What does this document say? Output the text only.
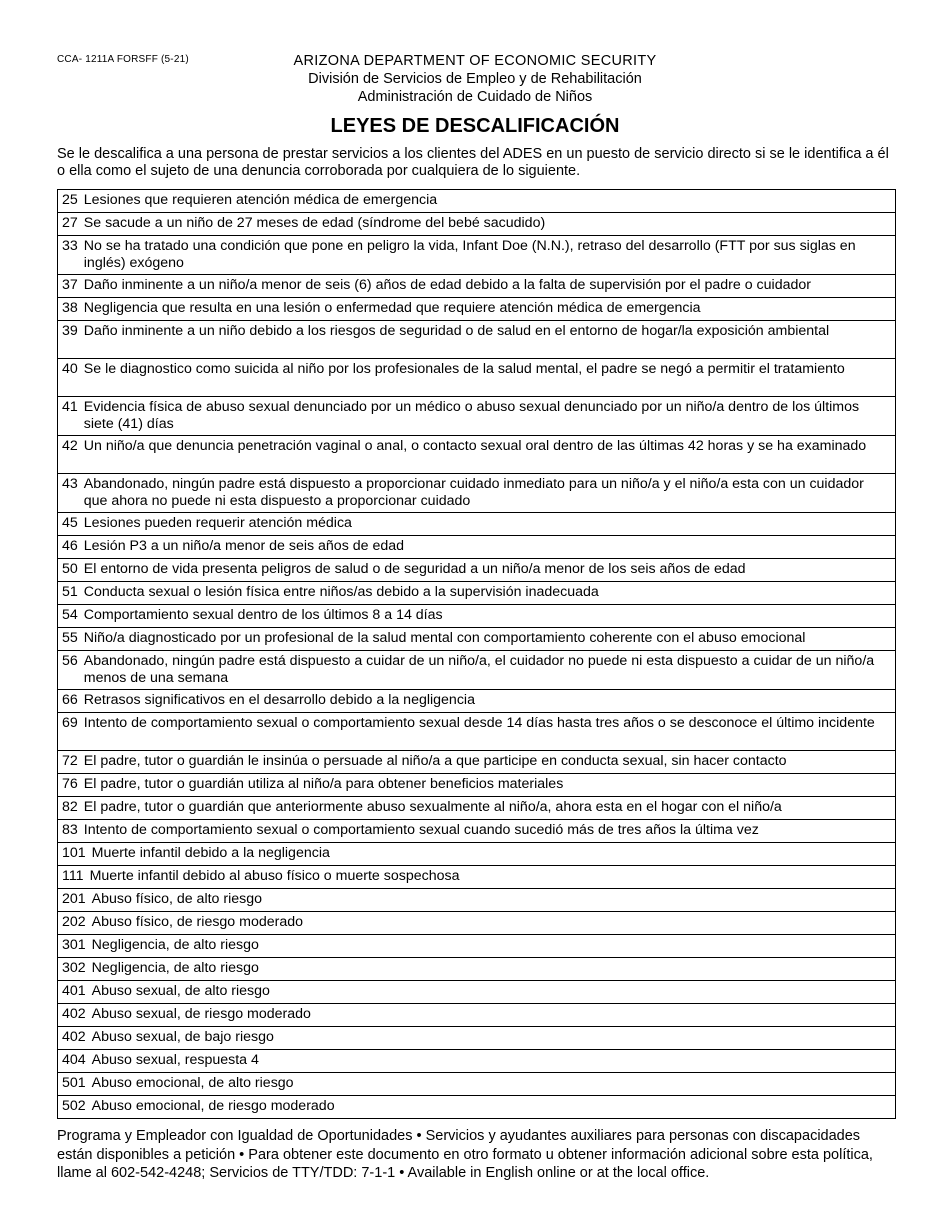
CCA- 1211A FORSFF (5-21)	ARIZONA DEPARTMENT OF ECONOMIC SECURITY
División de Servicios de Empleo y de Rehabilitación
Administración de Cuidado de Niños
LEYES DE DESCALIFICACIÓN
Se le descalifica a una persona de prestar servicios a los clientes del ADES en un puesto de servicio directo si se le identifica a él o ella como el sujeto de una denuncia corroborada por cualquiera de lo siguiente.
25 Lesiones que requieren atención médica de emergencia

27 Se sacude a un niño de 27 meses de edad (síndrome del bebé sacudido)

33 No se ha tratado una condición que pone en peligro la vida, Infant Doe (N.N.), retraso del desarrollo (FTT por sus siglas en inglés) exógeno

37 Daño inminente a un niño/a menor de seis (6) años de edad debido a la falta de supervisión por el padre o cuidador

38 Negligencia que resulta en una lesión o enfermedad que requiere atención médica de emergencia

39 Daño inminente a un niño debido a los riesgos de seguridad o de salud en el entorno de hogar/la exposición ambiental

40 Se le diagnostico como suicida al niño por los profesionales de la salud mental, el padre se negó a permitir el tratamiento

41 Evidencia física de abuso sexual denunciado por un médico o abuso sexual denunciado por un niño/a dentro de los últimos siete (41) días

42 Un niño/a que denuncia penetración vaginal o anal, o contacto sexual oral dentro de las últimas 42 horas y se ha examinado

43 Abandonado, ningún padre está dispuesto a proporcionar cuidado inmediato para un niño/a y el niño/a esta con un cuidador que ahora no puede ni esta dispuesto a proporcionar cuidado

45 Lesiones pueden requerir atención médica

46 Lesión P3 a un niño/a menor de seis años de edad

50 El entorno de vida presenta peligros de salud o de seguridad a un niño/a menor de los seis años de edad

51 Conducta sexual o lesión física entre niños/as debido a la supervisión inadecuada

54 Comportamiento sexual dentro de los últimos 8 a 14 días

55 Niño/a diagnosticado por un profesional de la salud mental con comportamiento coherente con el abuso emocional

56 Abandonado, ningún padre está dispuesto a cuidar de un niño/a, el cuidador no puede ni esta dispuesto a cuidar de un niño/a menos de una semana

66 Retrasos significativos en el desarrollo debido a la negligencia

69 Intento de comportamiento sexual o comportamiento sexual desde 14 días hasta tres años o se desconoce el último incidente

72 El padre, tutor o guardián le insinúa o persuade al niño/a a que participe en conducta sexual, sin hacer contacto

76 El padre, tutor o guardián utiliza al niño/a para obtener beneficios materiales

82 El padre, tutor o guardián que anteriormente abuso sexualmente al niño/a, ahora esta en el hogar con el niño/a

83 Intento de comportamiento sexual o comportamiento sexual cuando sucedió más de tres años la última vez

101 Muerte infantil debido a la negligencia

111 Muerte infantil debido al abuso físico o muerte sospechosa

201 Abuso físico, de alto riesgo

202 Abuso físico, de riesgo moderado

301 Negligencia, de alto riesgo

302 Negligencia, de alto riesgo

401 Abuso sexual, de alto riesgo

402 Abuso sexual, de riesgo moderado

402 Abuso sexual, de bajo riesgo

404 Abuso sexual, respuesta 4

501 Abuso emocional, de alto riesgo

502 Abuso emocional, de riesgo moderado
Programa y Empleador con Igualdad de Oportunidades • Servicios y ayudantes auxiliares para personas con discapacidades están disponibles a petición • Para obtener este documento en otro formato u obtener información adicional sobre esta política, llame al 602-542-4248; Servicios de TTY/TDD: 7-1-1 • Available in English online or at the local office.
